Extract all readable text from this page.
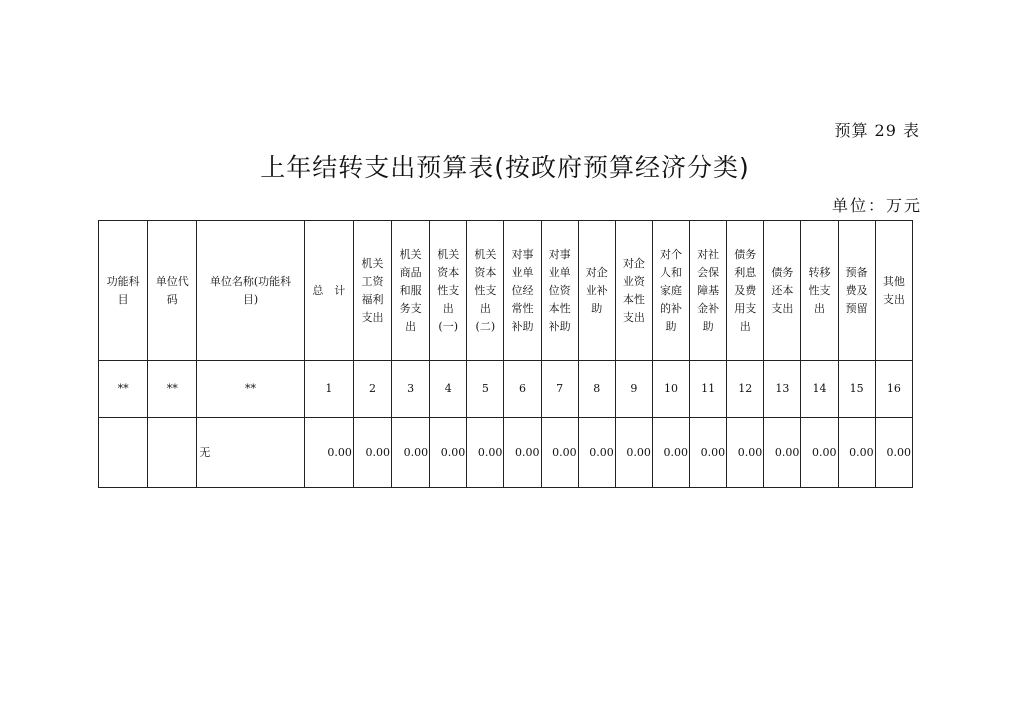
预算 29 表
上年结转支出预算表(按政府预算经济分类)
单位：万元
功能科目	单位代码	单位名称(功能科目)	总　计	机关工资福利支出	机关商品和服务支出	机关资本性支出(一)	机关资本性支出(二)	对事业单位经常性补助	对事业单位资本性补助	对企业补助	对企业资本性支出	对个人和家庭的补助	对社会保障基金补助	债务利息及费用支出	债务还本支出	转移性支出	预备费及预留	其他支出
**	**	**	1	2	3	4	5	6	7	8	9	10	11	12	13	14	15	16
		无	0.00	0.00	0.00	0.00	0.00	0.00	0.00	0.00	0.00	0.00	0.00	0.00	0.00	0.00	0.00	0.00
